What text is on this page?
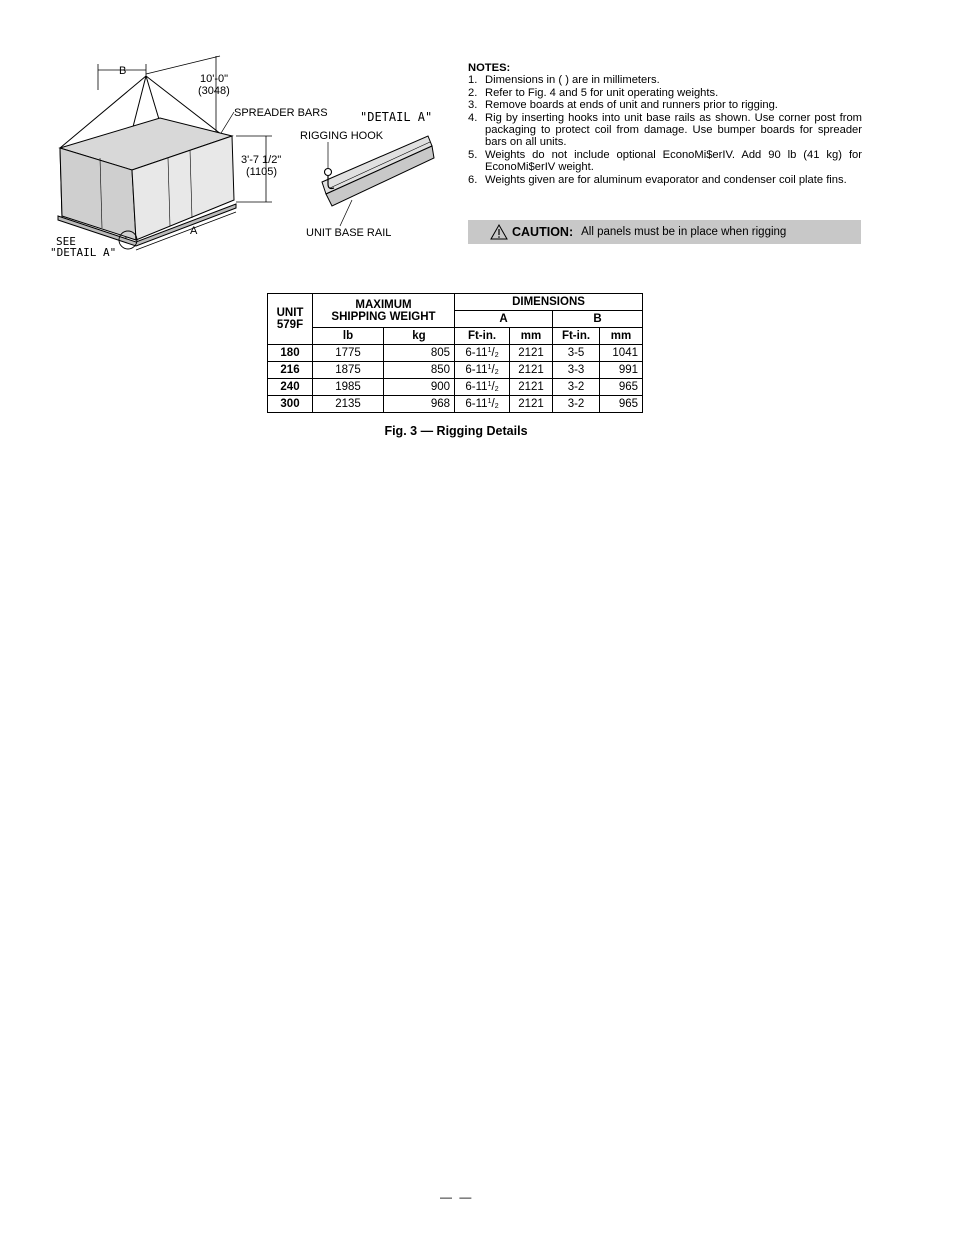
B
10'-0"
(3048)
SPREADER BARS
3'-7 1/2"
(1105)
A
SEE
"DETAIL A"
"DETAIL A"
RIGGING HOOK
UNIT BASE RAIL
NOTES:
1. Dimensions in ( ) are in millimeters.
2. Refer to Fig. 4 and 5 for unit operating weights.
3. Remove boards at ends of unit and runners prior to rigging.
4. Rig by inserting hooks into unit base rails as shown. Use corner post from packaging to protect coil from damage. Use bumper boards for spreader bars on all units.
5. Weights do not include optional EconoMi$erIV. Add 90 lb (41 kg) for EconoMi$erIV weight.
6. Weights given are for aluminum evaporator and condenser coil plate fins.
CAUTION: All panels must be in place when rigging
UNIT
579F	MAXIMUM
SHIPPING WEIGHT		DIMENSIONS			
			A		B	
	lb	kg	Ft-in.	mm	Ft-in.	mm
180	1775	805	$6-11^1/_2$	2121	3-5	1041
216	1875	850	$6-11^1/_2$	2121	3-3	991
240	1985	900	$6-11^1/_2$	2121	3-2	965
300	2135	968	$6-11^1/_2$	2121	3-2	965
Fig. 3 — Rigging Details
— —
